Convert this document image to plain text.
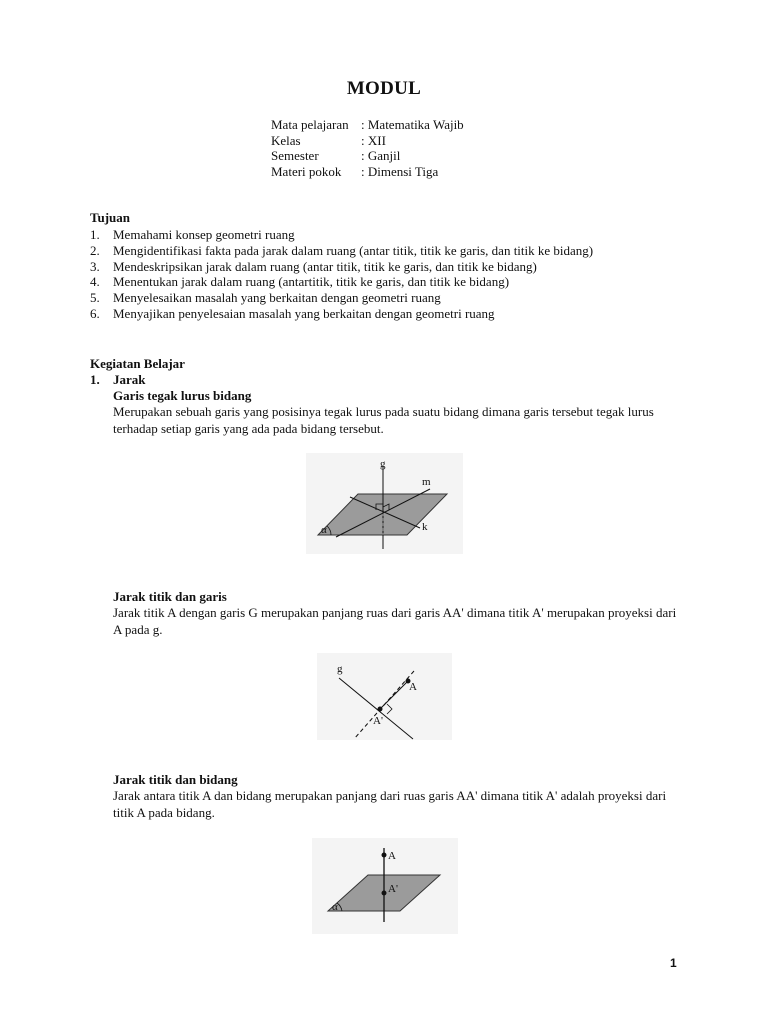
MODUL
Mata pelajaran : Matematika Wajib
Kelas	: XII
Semester	: Ganjil
Materi pokok	: Dimensi Tiga
Tujuan
1.	Memahami konsep geometri ruang
2.	Mengidentifikasi fakta pada jarak dalam ruang (antar titik, titik ke garis, dan titik ke bidang)
3.	Mendeskripsikan jarak dalam ruang (antar titik, titik ke garis, dan titik ke bidang)
4.	Menentukan jarak dalam ruang (antartitik, titik ke garis, dan titik ke bidang)
5.	Menyelesaikan masalah yang berkaitan dengan geometri ruang
6.	Menyajikan penyelesaian masalah yang berkaitan dengan geometri ruang
Kegiatan Belajar
1. Jarak
Garis tegak lurus bidang
Merupakan sebuah garis yang posisinya tegak lurus pada suatu bidang dimana garis tersebut tegak lurus terhadap setiap garis yang ada pada bidang tersebut.
g
m
k
α
Jarak titik dan garis
Jarak titik A dengan garis G merupakan panjang ruas dari garis AA' dimana titik A' merupakan proyeksi dari A pada g.
g
A
A'
Jarak titik dan bidang
Jarak antara titik A dan bidang merupakan panjang dari ruas garis AA' dimana titik A' adalah proyeksi dari titik A pada bidang.
A
A'
α
1
